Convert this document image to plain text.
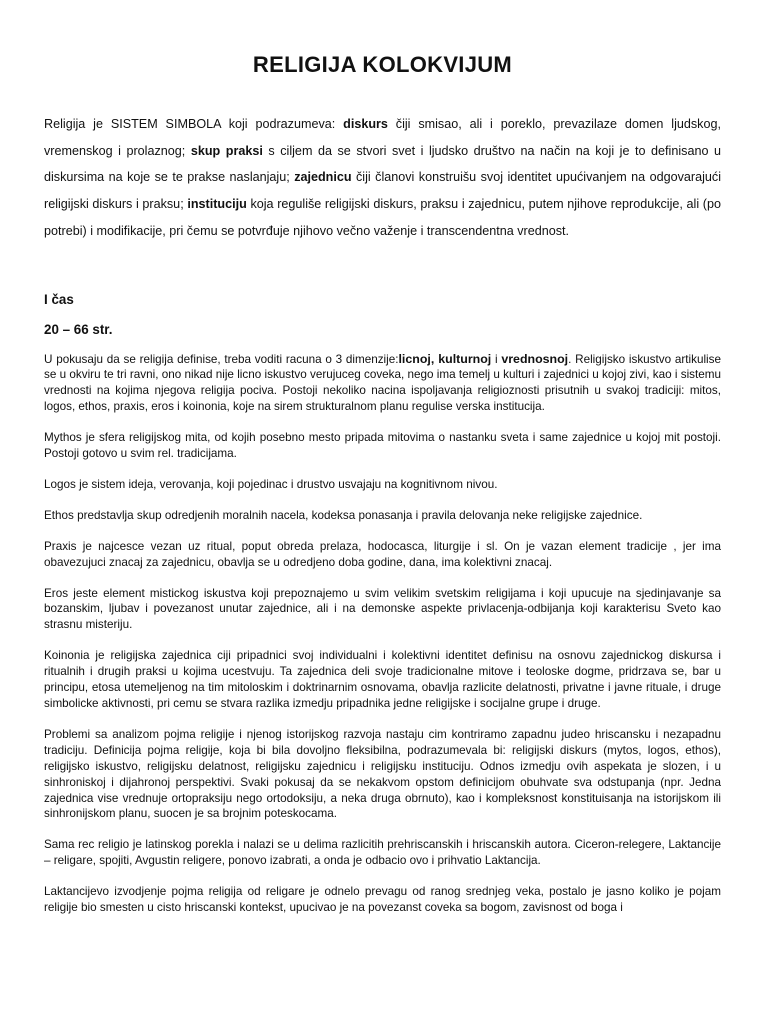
RELIGIJA KOLOKVIJUM

Religija je SISTEM SIMBOLA koji podrazumeva: diskurs čiji smisao, ali i poreklo, prevazilaze domen ljudskog, vremenskog i prolaznog; skup praksi s ciljem da se stvori svet i ljudsko društvo na način na koji je to definisano u diskursima na koje se te prakse naslanjaju; zajednicu čiji članovi konstruišu svoj identitet upućivanjem na odgovarajući religijski diskurs i praksu; instituciju koja reguliše religijski diskurs, praksu i zajednicu, putem njihove reprodukcije, ali (po potrebi) i modifikacije, pri čemu se potvrđuje njihovo večno važenje i transcendentna vrednost.

I čas

20 – 66 str.

U pokusaju da se religija definise, treba voditi racuna o 3 dimenzije:licnoj, kulturnoj i vrednosnoj. Religijsko iskustvo artikulise se u okviru te tri ravni, ono nikad nije licno iskustvo verujuceg coveka, nego ima temelj u kulturi i zajednici u kojoj zivi, kao i sistemu vrednosti na kojima njegova religija pociva. Postoji nekoliko nacina ispoljavanja religioznosti prisutnih u svakoj tradiciji: mitos, logos, ethos, praxis, eros i koinonia, koje na sirem strukturalnom planu regulise verska institucija.

Mythos je sfera religijskog mita, od kojih posebno mesto pripada mitovima o nastanku sveta i same zajednice u kojoj mit postoji. Postoji gotovo u svim rel. tradicijama.

Logos je sistem ideja, verovanja, koji pojedinac i drustvo usvajaju na kognitivnom nivou.

Ethos predstavlja skup odredjenih moralnih nacela, kodeksa ponasanja i pravila delovanja neke religijske zajednice.

Praxis je najcesce vezan uz ritual, poput obreda prelaza, hodocasca, liturgije i sl. On je vazan element tradicije , jer ima obavezujuci znacaj za zajednicu, obavlja se u odredjeno doba godine, dana, ima kolektivni znacaj.

Eros jeste element mistickog iskustva koji prepoznajemo u svim velikim svetskim religijama i koji upucuje na sjedinjavanje sa bozanskim, ljubav i povezanost unutar zajednice, ali i na demonske aspekte privlacenja-odbijanja koji karakterisu Sveto kao strasnu misteriju.

Koinonia je religijska zajednica ciji pripadnici svoj individualni i kolektivni identitet definisu na osnovu zajednickog diskursa i ritualnih i drugih praksi u kojima ucestvuju. Ta zajednica deli svoje tradicionalne mitove i teoloske dogme, pridrzava se, bar u principu, etosa utemeljenog na tim mitoloskim i doktrinarnim osnovama, obavlja razlicite delatnosti, privatne i javne rituale, i druge simbolicke aktivnosti, pri cemu se stvara razlika izmedju pripadnika jedne religijske i socijalne grupe i druge.

Problemi sa analizom pojma religije i njenog istorijskog razvoja nastaju cim kontriramo zapadnu judeo hriscansku i nezapadnu tradiciju. Definicija pojma religije, koja bi bila dovoljno fleksibilna, podrazumevala bi: religijski diskurs (mytos, logos, ethos), religijsko iskustvo, religijsku delatnost, religijsku zajednicu i religijsku instituciju. Odnos izmedju ovih aspekata je slozen, i u sinhroniskoj i dijahronoj perspektivi. Svaki pokusaj da se nekakvom opstom definicijom obuhvate sva odstupanja (npr. Jedna zajednica vise vrednuje ortopraksiju nego ortodoksiju, a neka druga obrnuto), kao i kompleksnost konstituisanja na istorijskom ili sinhronijskom planu, suocen je sa brojnim poteskocama.

Sama rec religio je latinskog porekla i nalazi se u delima razlicitih prehriscanskih i hriscanskih autora. Ciceron-relegere, Laktancije – religare, spojiti, Avgustin religere, ponovo izabrati, a onda je odbacio ovo i prihvatio Laktancija.

Laktancijevo izvodjenje pojma religija od religare je odnelo prevagu od ranog srednjeg veka, postalo je jasno koliko je pojam religije bio smesten u cisto hriscanski kontekst, upucivao je na povezanst coveka sa bogom, zavisnost od boga i
